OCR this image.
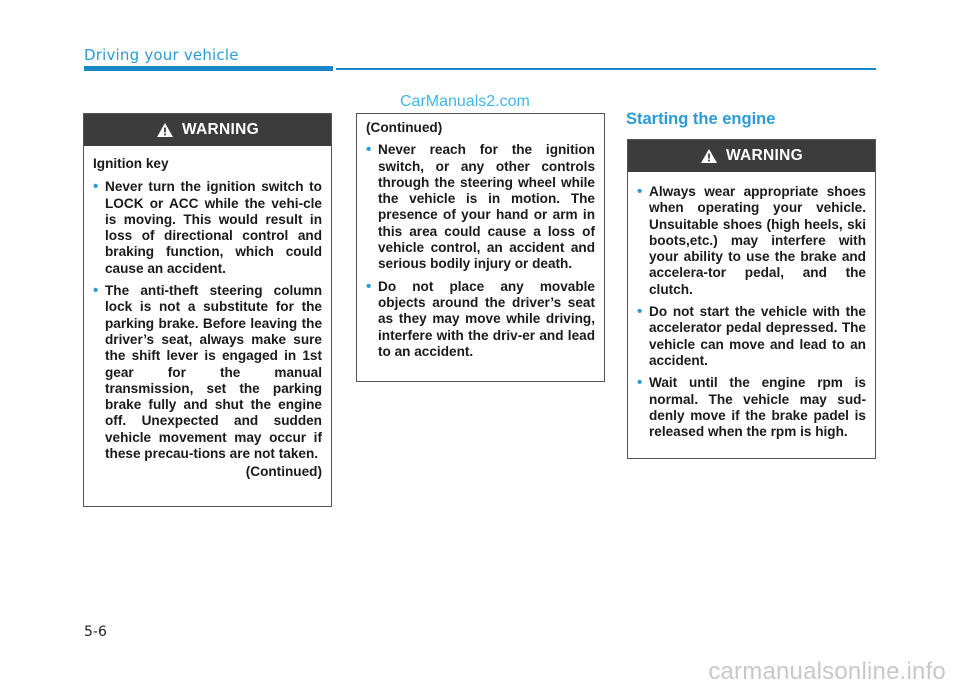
Driving your vehicle
CarManuals2.com
WARNING
Ignition key
• Never turn the ignition switch to LOCK or ACC while the vehi-cle is moving. This would result in loss of directional control and braking function, which could cause an accident.
• The anti-theft steering column lock is not a substitute for the parking brake. Before leaving the driver’s seat, always make sure the shift lever is engaged in 1st gear for the manual transmission, set the parking brake fully and shut the engine off. Unexpected and sudden vehicle movement may occur if these precau-tions are not taken.
(Continued)
(Continued)
• Never reach for the ignition switch, or any other controls through the steering wheel while the vehicle is in motion. The presence of your hand or arm in this area could cause a loss of vehicle control, an accident and serious bodily injury or death.
• Do not place any movable objects around the driver’s seat as they may move while driving, interfere with the driv-er and lead to an accident.
Starting the engine
WARNING
• Always wear appropriate shoes when operating your vehicle. Unsuitable shoes (high heels, ski boots,etc.) may interfere with your ability to use the brake and accelera-tor pedal, and the clutch.
• Do not start the vehicle with the accelerator pedal depressed. The vehicle can move and lead to an accident.
• Wait until the engine rpm is normal. The vehicle may sud-denly move if the brake padel is released when the rpm is high.
5-6
carmanualsonline.info
